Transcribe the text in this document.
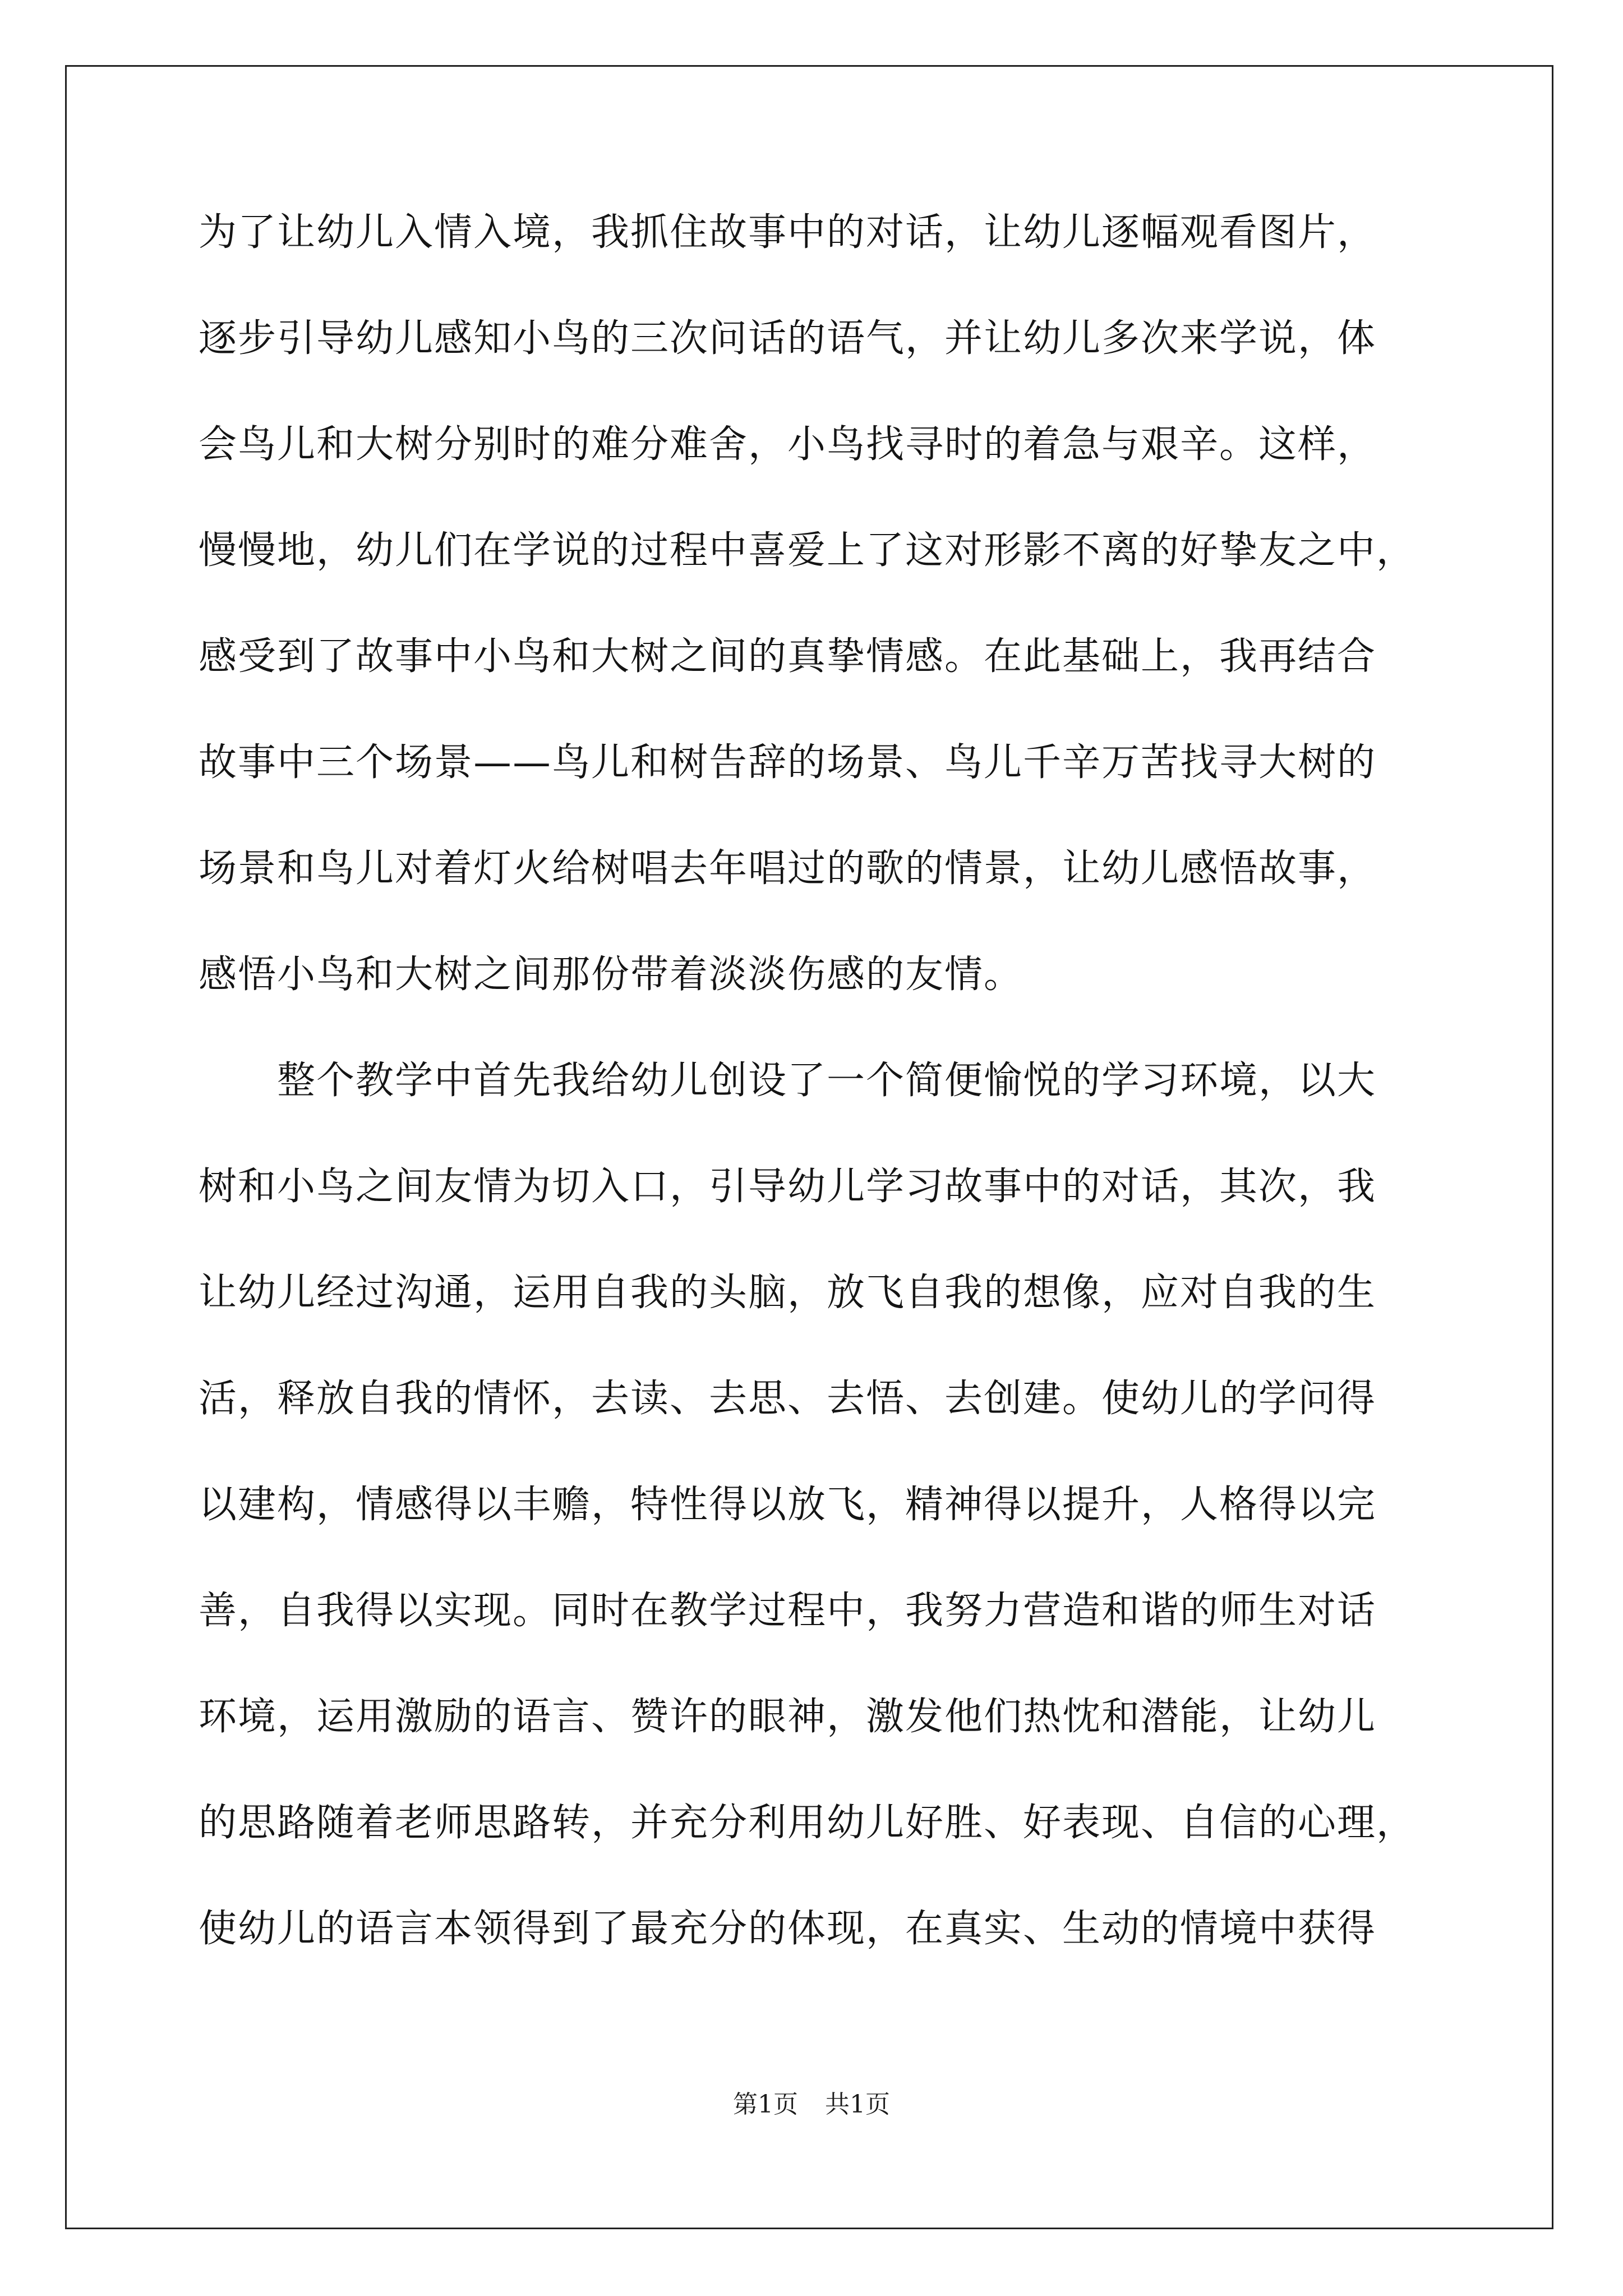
为了让幼儿入情入境，我抓住故事中的对话，让幼儿逐幅观看图片，
逐步引导幼儿感知小鸟的三次问话的语气，并让幼儿多次来学说，体
会鸟儿和大树分别时的难分难舍，小鸟找寻时的着急与艰辛。这样，
慢慢地，幼儿们在学说的过程中喜爱上了这对形影不离的好挚友之中，
感受到了故事中小鸟和大树之间的真挚情感。在此基础上，我再结合
故事中三个场景——鸟儿和树告辞的场景、鸟儿千辛万苦找寻大树的
场景和鸟儿对着灯火给树唱去年唱过的歌的情景，让幼儿感悟故事，
感悟小鸟和大树之间那份带着淡淡伤感的友情。
　　整个教学中首先我给幼儿创设了一个简便愉悦的学习环境，以大
树和小鸟之间友情为切入口，引导幼儿学习故事中的对话，其次，我
让幼儿经过沟通，运用自我的头脑，放飞自我的想像，应对自我的生
活，释放自我的情怀，去读、去思、去悟、去创建。使幼儿的学问得
以建构，情感得以丰赡，特性得以放飞，精神得以提升，人格得以完
善，自我得以实现。同时在教学过程中，我努力营造和谐的师生对话
环境，运用激励的语言、赞许的眼神，激发他们热忱和潜能，让幼儿
的思路随着老师思路转，并充分利用幼儿好胜、好表现、自信的心理，
使幼儿的语言本领得到了最充分的体现，在真实、生动的情境中获得
第1页 共1页
